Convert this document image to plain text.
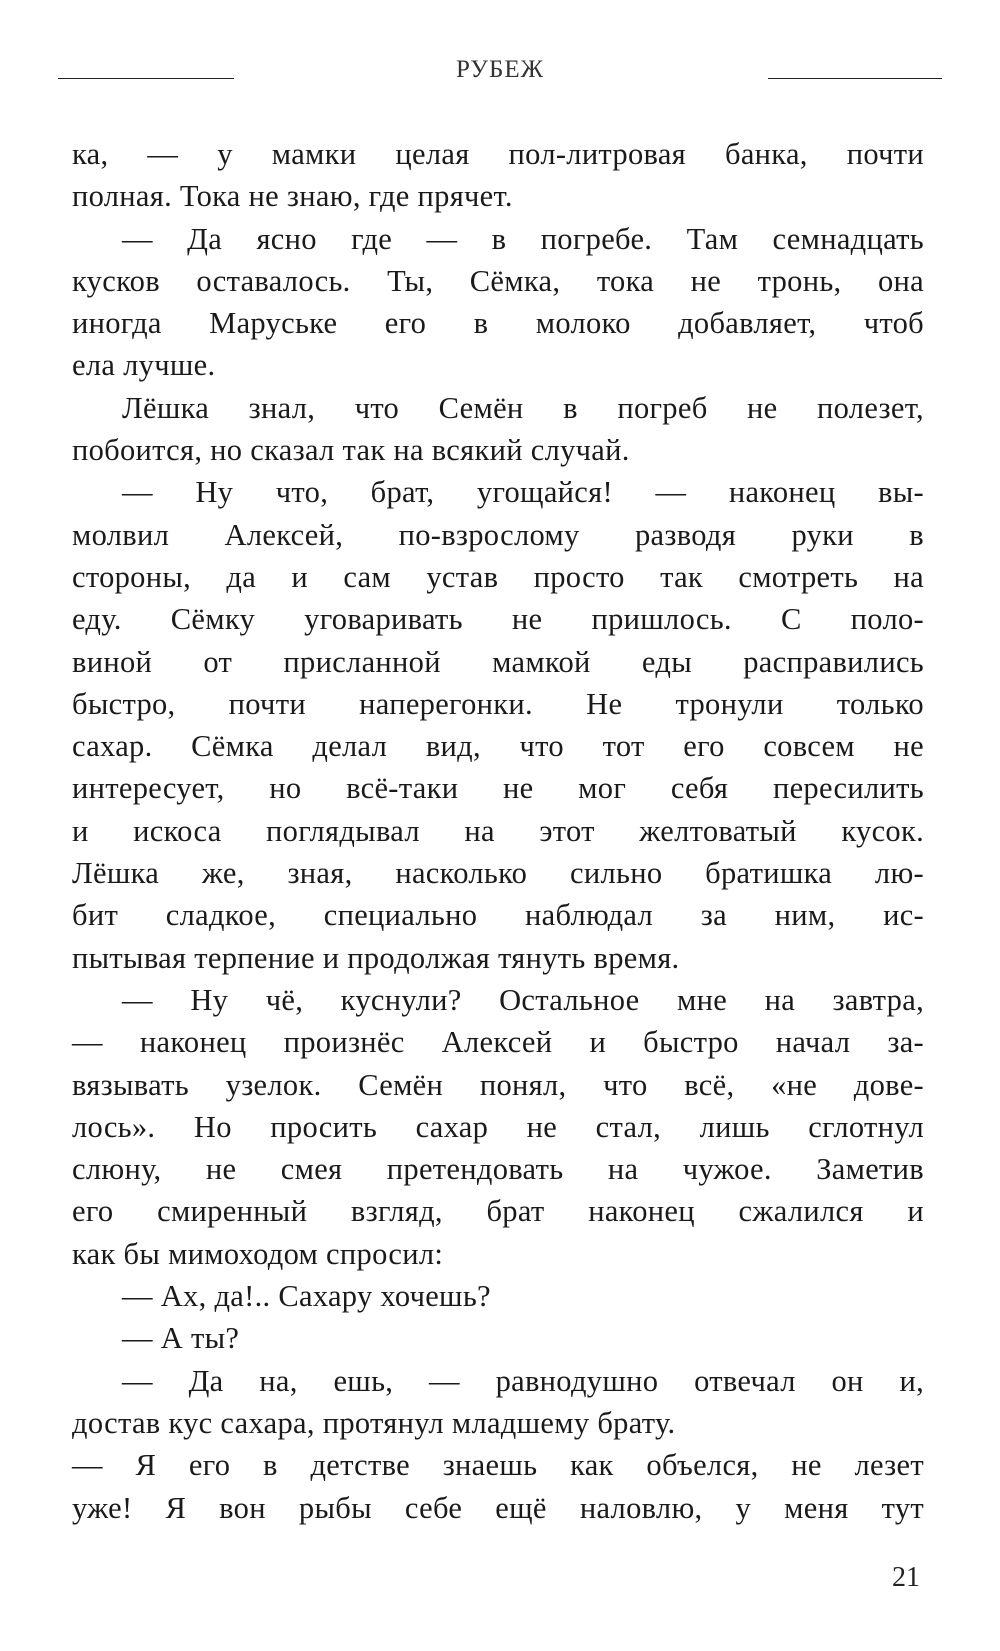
РУБЕЖ
ка, — у мамки целая пол-литровая банка, почти
полная. Тока не знаю, где прячет.
— Да ясно где — в погребе. Там семнадцать
кусков оставалось. Ты, Сёмка, тока не тронь, она
иногда Маруське его в молоко добавляет, чтоб
ела лучше.
Лёшка знал, что Семён в погреб не полезет,
побоится, но сказал так на всякий случай.
— Ну что, брат, угощайся! — наконец вы-
молвил Алексей, по-взрослому разводя руки в
стороны, да и сам устав просто так смотреть на
еду. Сёмку уговаривать не пришлось. С поло-
виной от присланной мамкой еды расправились
быстро, почти наперегонки. Не тронули только
сахар. Сёмка делал вид, что тот его совсем не
интересует, но всё-таки не мог себя пересилить
и искоса поглядывал на этот желтоватый кусок.
Лёшка же, зная, насколько сильно братишка лю-
бит сладкое, специально наблюдал за ним, ис-
пытывая терпение и продолжая тянуть время.
— Ну чё, куснули? Остальное мне на завтра,
— наконец произнёс Алексей и быстро начал за-
вязывать узелок. Семён понял, что всё, «не дове-
лось». Но просить сахар не стал, лишь сглотнул
слюну, не смея претендовать на чужое. Заметив
его смиренный взгляд, брат наконец сжалился и
как бы мимоходом спросил:
— Ах, да!.. Сахару хочешь?
— А ты?
— Да на, ешь, — равнодушно отвечал он и,
достав кус сахара, протянул младшему брату.
— Я его в детстве знаешь как объелся, не лезет
уже! Я вон рыбы себе ещё наловлю, у меня тут
21
